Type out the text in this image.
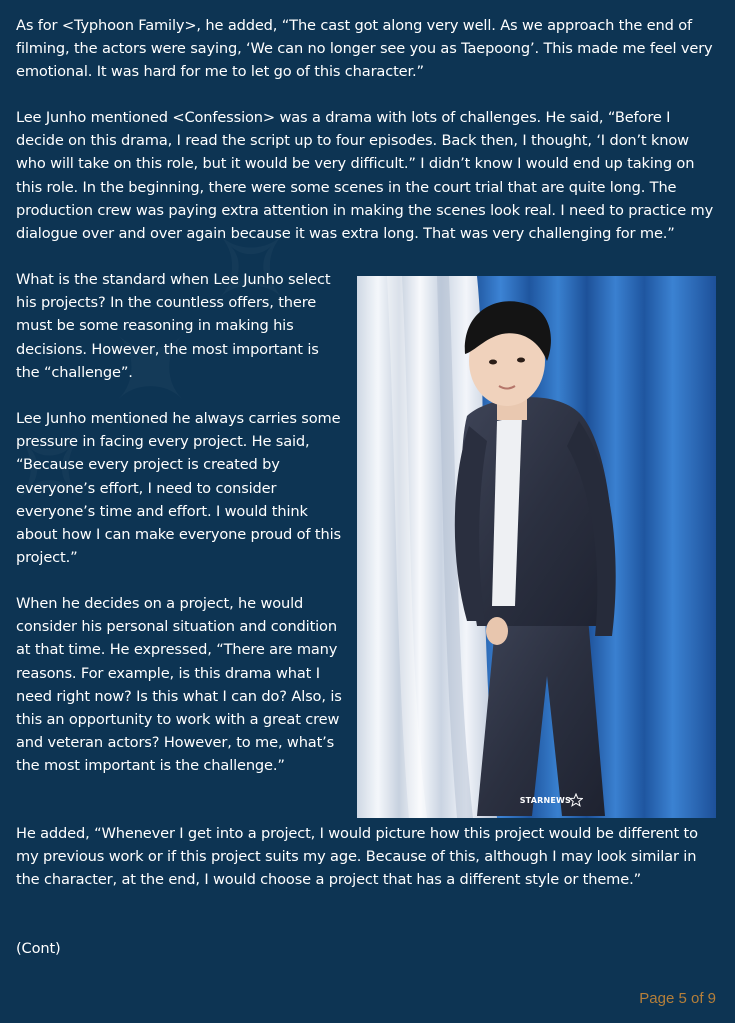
As for <Typhoon Family>, he added, “The cast got along very well. As we approach the end of filming, the actors were saying, ‘We can no longer see you as Taepoong’. This made me feel very emotional. It was hard for me to let go of this character.”

Lee Junho mentioned <Confession> was a drama with lots of challenges. He said, “Before I decide on this drama, I read the script up to four episodes. Back then, I thought, ‘I don’t know who will take on this role, but it would be very difficult.” I didn’t know I would end up taking on this role. In the beginning, there were some scenes in the court trial that are quite long. The production crew was paying extra attention in making the scenes look real. I need to practice my dialogue over and over again because it was extra long. That was very challenging for me.”

What is the standard when Lee Junho select his projects? In the countless offers, there must be some reasoning in making his decisions. However, the most important is the “challenge”.

Lee Junho mentioned he always carries some pressure in facing every project. He said, “Because every project is created by everyone’s effort, I need to consider everyone’s time and effort. I would think about how I can make everyone proud of this project.”

When he decides on a project, he would consider his personal situation and condition at that time. He expressed, “There are many reasons. For example, is this drama what I need right now? Is this what I can do? Also, is this an opportunity to work with a great crew and veteran actors? However, to me, what’s the most important is the challenge.”

He added, “Whenever I get into a project, I would picture how this project would be different to my previous work or if this project suits my age. Because of this, although I may look similar in the character, at the end, I would choose a project that has a different style or theme.”

(Cont)

STARNEWS
Page 5 of 9
